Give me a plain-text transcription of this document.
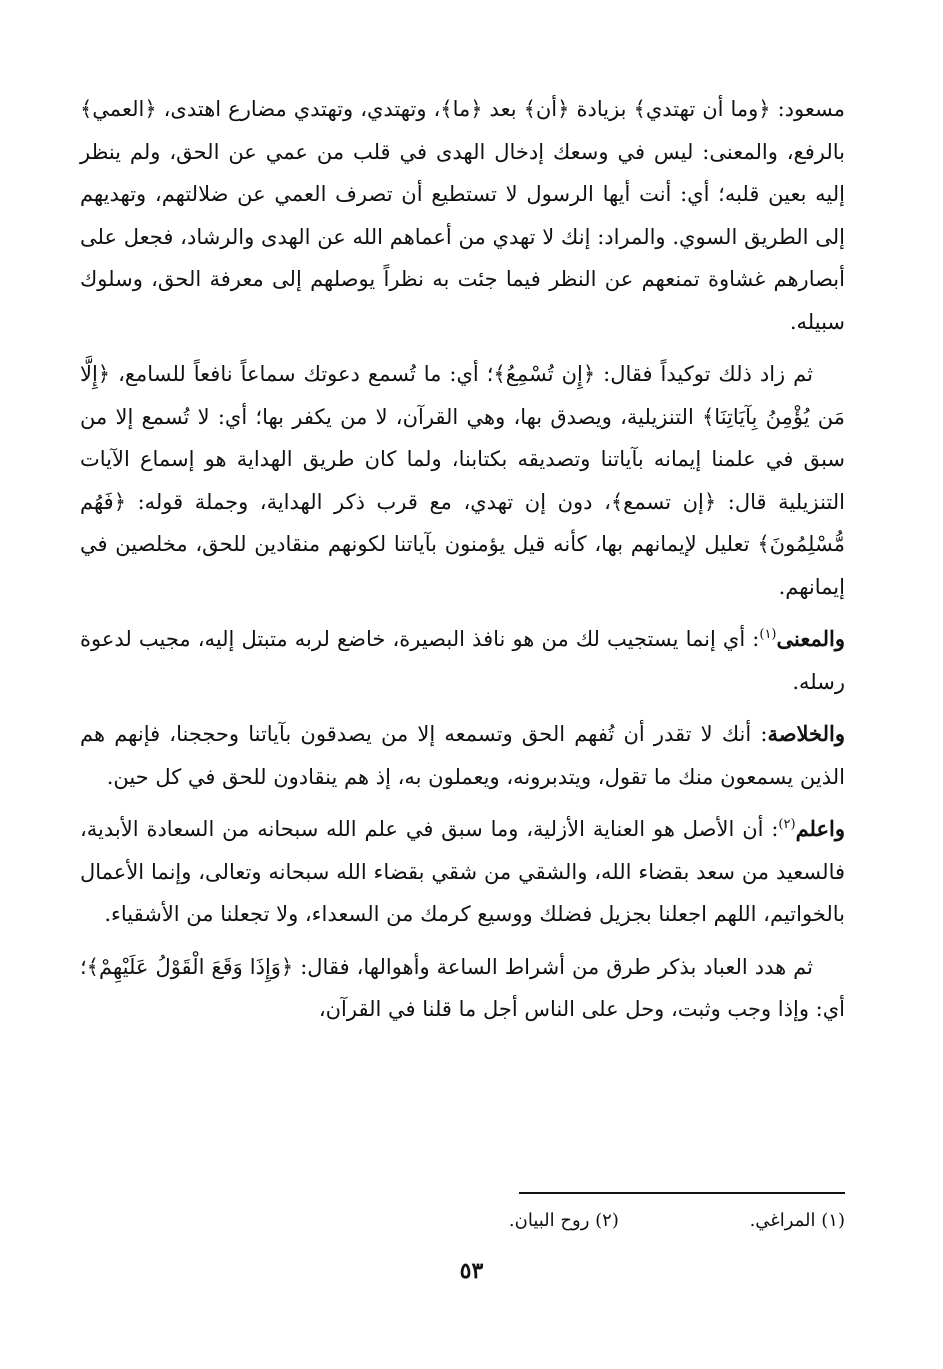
مسعود: ﴿وما أن تهتدي﴾ بزيادة ﴿أن﴾ بعد ﴿ما﴾، وتهتدي، وتهتدي مضارع اهتدى، ﴿العمي﴾ بالرفع، والمعنى: ليس في وسعك إدخال الهدى في قلب من عمي عن الحق، ولم ينظر إليه بعين قلبه؛ أي: أنت أيها الرسول لا تستطيع أن تصرف العمي عن ضلالتهم، وتهديهم إلى الطريق السوي. والمراد: إنك لا تهدي من أعماهم الله عن الهدى والرشاد، فجعل على أبصارهم غشاوة تمنعهم عن النظر فيما جئت به نظراً يوصلهم إلى معرفة الحق، وسلوك سبيله.

ثم زاد ذلك توكيداً فقال: ﴿إِن تُسْمِعُ﴾؛ أي: ما تُسمع دعوتك سماعاً نافعاً للسامع، ﴿إِلَّا مَن يُؤْمِنُ بِآيَاتِنَا﴾ التنزيلية، ويصدق بها، وهي القرآن، لا من يكفر بها؛ أي: لا تُسمع إلا من سبق في علمنا إيمانه بآياتنا وتصديقه بكتابنا، ولما كان طريق الهداية هو إسماع الآيات التنزيلية قال: ﴿إن تسمع﴾، دون إن تهدي، مع قرب ذكر الهداية، وجملة قوله: ﴿فَهُم مُّسْلِمُونَ﴾ تعليل لإيمانهم بها، كأنه قيل يؤمنون بآياتنا لكونهم منقادين للحق، مخلصين في إيمانهم.

والمعنى$^{(١)}$: أي إنما يستجيب لك من هو نافذ البصيرة، خاضع لربه متبتل إليه، مجيب لدعوة رسله.

والخلاصة: أنك لا تقدر أن تُفهم الحق وتسمعه إلا من يصدقون بآياتنا وحججنا، فإنهم هم الذين يسمعون منك ما تقول، ويتدبرونه، ويعملون به، إذ هم ينقادون للحق في كل حين.

واعلم$^{(٢)}$: أن الأصل هو العناية الأزلية، وما سبق في علم الله سبحانه من السعادة الأبدية، فالسعيد من سعد بقضاء الله، والشقي من شقي بقضاء الله سبحانه وتعالى، وإنما الأعمال بالخواتيم، اللهم اجعلنا بجزيل فضلك ووسيع كرمك من السعداء، ولا تجعلنا من الأشقياء.

ثم هدد العباد بذكر طرق من أشراط الساعة وأهوالها، فقال: ﴿وَإِذَا وَقَعَ الْقَوْلُ عَلَيْهِمْ﴾؛ أي: وإذا وجب وثبت، وحل على الناس أجل ما قلنا في القرآن،

(١) المراغي. (٢) روح البيان.
٥٣
